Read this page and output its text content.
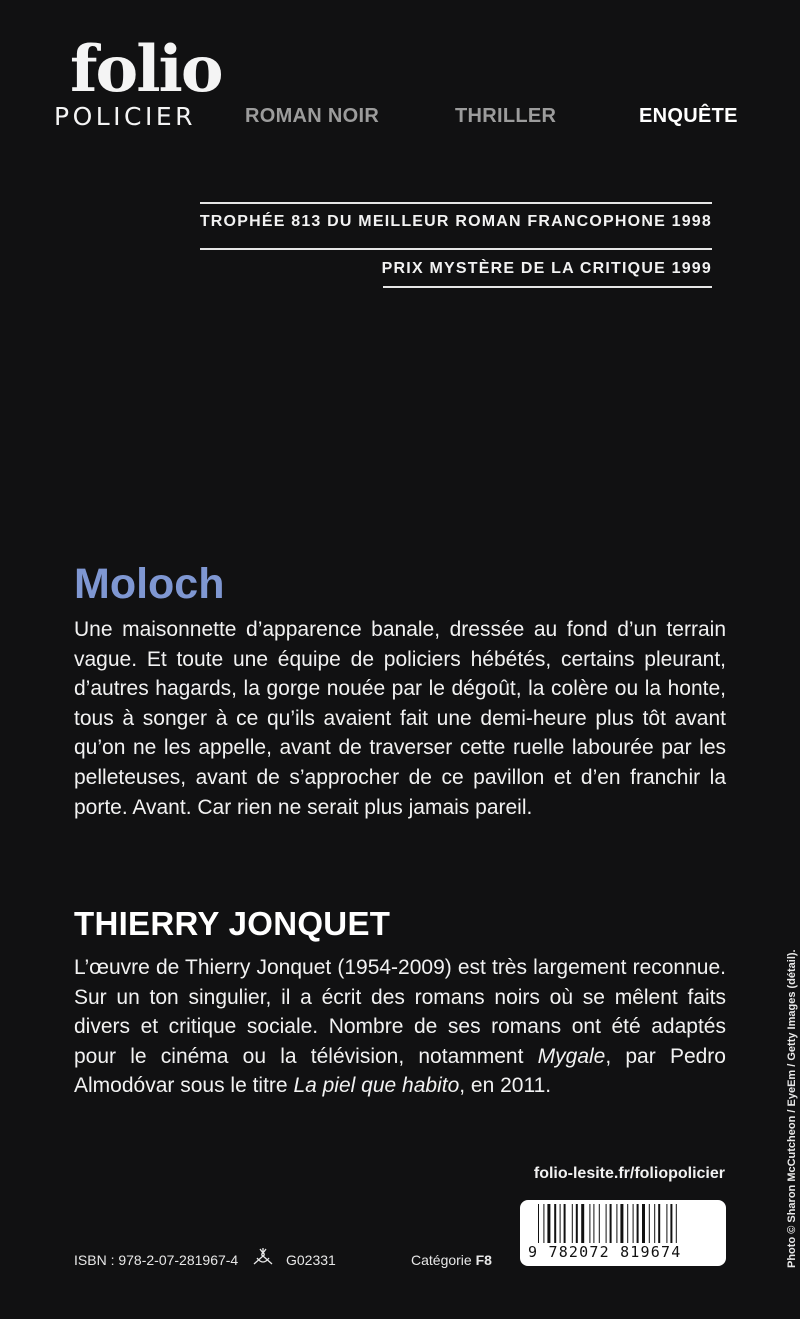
folio
POLICIER ROMAN NOIR	THRILLER	ENQUÊTE
TROPHÉE 813 DU MEILLEUR ROMAN FRANCOPHONE 1998
PRIX MYSTÈRE DE LA CRITIQUE 1999
Moloch
Une maisonnette d’apparence banale, dressée au fond d’un terrain vague. Et toute une équipe de policiers hébétés, certains pleurant, d’autres hagards, la gorge nouée par le dégoût, la colère ou la honte, tous à songer à ce qu’ils avaient fait une demi-heure plus tôt avant qu’on ne les appelle, avant de traverser cette ruelle labourée par les pelleteuses, avant de s’approcher de ce pavillon et d’en franchir la porte. Avant. Car rien ne serait plus jamais pareil.
THIERRY JONQUET
L’œuvre de Thierry Jonquet (1954-2009) est très largement reconnue. Sur un ton singulier, il a écrit des romans noirs où se mêlent faits divers et critique sociale. Nombre de ses romans ont été adaptés pour le cinéma ou la télévision, notamment Mygale, par Pedro Almodóvar sous le titre La piel que habito, en 2011.
folio-lesite.fr/foliopolicier
ISBN : 978-2-07-281967-4	G02331	Catégorie F8 9 782072 819674	Photo © Sharon McCutcheon / EyeEm / Getty Images (détail).
